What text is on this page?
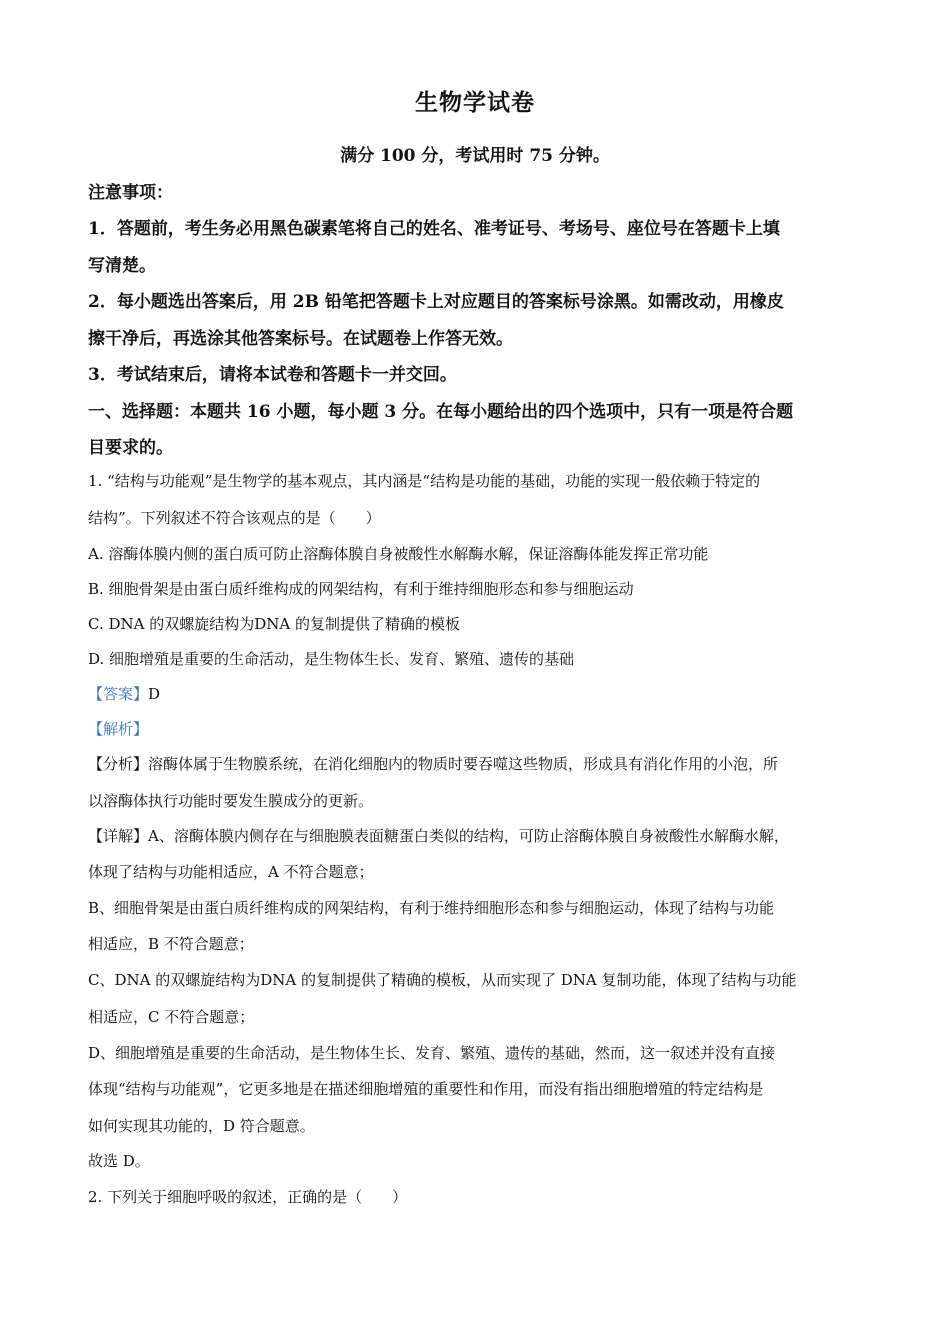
生物学试卷
满分 100 分，考试用时 75 分钟。
注意事项：
1．答题前，考生务必用黑色碳素笔将自己的姓名、准考证号、考场号、座位号在答题卡上填
写清楚。
2．每小题选出答案后，用 2B 铅笔把答题卡上对应题目的答案标号涂黑。如需改动，用橡皮
擦干净后，再选涂其他答案标号。在试题卷上作答无效。
3．考试结束后，请将本试卷和答题卡一并交回。
一、选择题：本题共 16 小题，每小题 3 分。在每小题给出的四个选项中，只有一项是符合题
目要求的。
1. “结构与功能观”是生物学的基本观点，其内涵是“结构是功能的基础，功能的实现一般依赖于特定的
结构”。下列叙述不符合该观点的是（　　）
A. 溶酶体膜内侧的蛋白质可防止溶酶体膜自身被酸性水解酶水解，保证溶酶体能发挥正常功能
B. 细胞骨架是由蛋白质纤维构成的网架结构，有利于维持细胞形态和参与细胞运动
C. DNA 的双螺旋结构为DNA 的复制提供了精确的模板
D. 细胞增殖是重要的生命活动，是生物体生长、发育、繁殖、遗传的基础
【答案】D
【解析】
【分析】溶酶体属于生物膜系统，在消化细胞内的物质时要吞噬这些物质，形成具有消化作用的小泡，所
以溶酶体执行功能时要发生膜成分的更新。
【详解】A、溶酶体膜内侧存在与细胞膜表面糖蛋白类似的结构，可防止溶酶体膜自身被酸性水解酶水解，
体现了结构与功能相适应，A 不符合题意；
B、细胞骨架是由蛋白质纤维构成的网架结构，有利于维持细胞形态和参与细胞运动，体现了结构与功能
相适应，B 不符合题意；
C、DNA 的双螺旋结构为DNA 的复制提供了精确的模板，从而实现了 DNA 复制功能，体现了结构与功能
相适应，C 不符合题意；
D、细胞增殖是重要的生命活动，是生物体生长、发育、繁殖、遗传的基础，然而，这一叙述并没有直接
体现“结构与功能观”，它更多地是在描述细胞增殖的重要性和作用，而没有指出细胞增殖的特定结构是
如何实现其功能的，D 符合题意。
故选 D。
2. 下列关于细胞呼吸的叙述，正确的是（　　）
